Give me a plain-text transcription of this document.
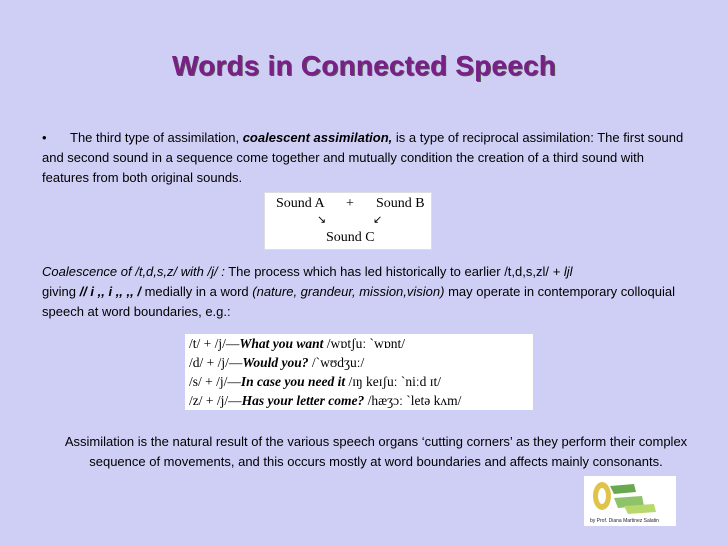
Words in Connected Speech
• The third type of assimilation, coalescent assimilation, is a type of reciprocal assimilation: The first sound and second sound in a sequence come together and mutually condition the creation of a third sound with features from both original sounds.
Sound A + Sound B
↘	↙
Sound C
Coalescence of /t,d,s,z/ with /j/ : The process which has led historically to earlier /t,d,s,zl/ + ljl
giving // i ,, i ,, ,, / medially in a word (nature, grandeur, mission,vision) may operate in contemporary colloquial speech at word boundaries, e.g.:
/t/ + /j/—What you want /wɒtʃuː ˋwɒnt/
/d/ + /j/—Would you? /ˋwʊdʒuː/
/s/ + /j/—In case you need it /ɪŋ keɪʃuː ˋniːd ɪt/
/z/ + /j/—Has your letter come? /hæʒɔː ˋletə kʌm/
Assimilation is the natural result of the various speech organs ‘cutting corners’ as they perform their complex sequence of movements, and this occurs mostly at word boundaries and affects mainly consonants.
by Prof. Diana Martinez Salatin
